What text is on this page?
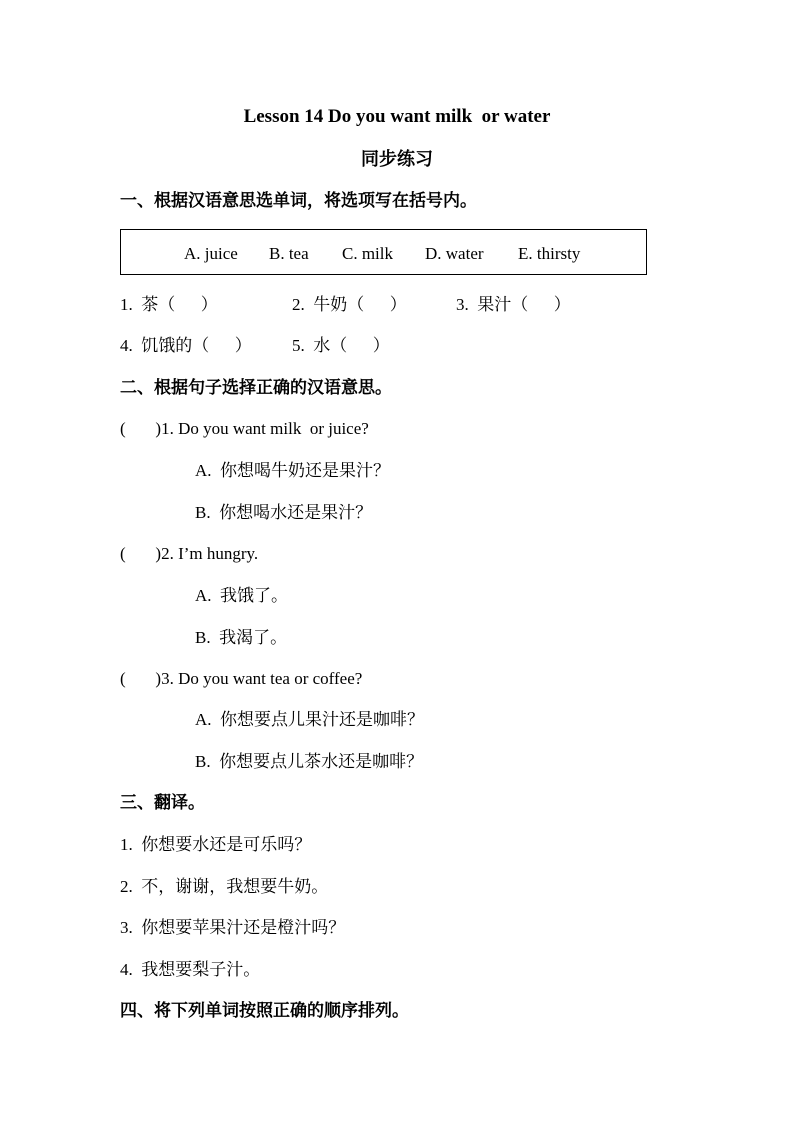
Lesson 14 Do you want milk  or water
同步练习
一、根据汉语意思选单词，将选项写在括号内。
A. juice B. tea C. milk D. water E. thirsty
1.  茶（      ）	2.  牛奶（      ）	3.  果汁（      ）
4.  饥饿的（      ） 5.  水（      ）
二、根据句子选择正确的汉语意思。
(       )1. Do you want milk  or juice?
A.  你想喝牛奶还是果汁？
B.  你想喝水还是果汁？
(       )2. I’m hungry.
A.  我饿了。
B.  我渴了。
(       )3. Do you want tea or coffee?
A.  你想要点儿果汁还是咖啡？
B.  你想要点儿茶水还是咖啡？
三、翻译。
1.  你想要水还是可乐吗？
2.  不，谢谢，我想要牛奶。
3.  你想要苹果汁还是橙汁吗？
4.  我想要梨子汁。
四、将下列单词按照正确的顺序排列。
